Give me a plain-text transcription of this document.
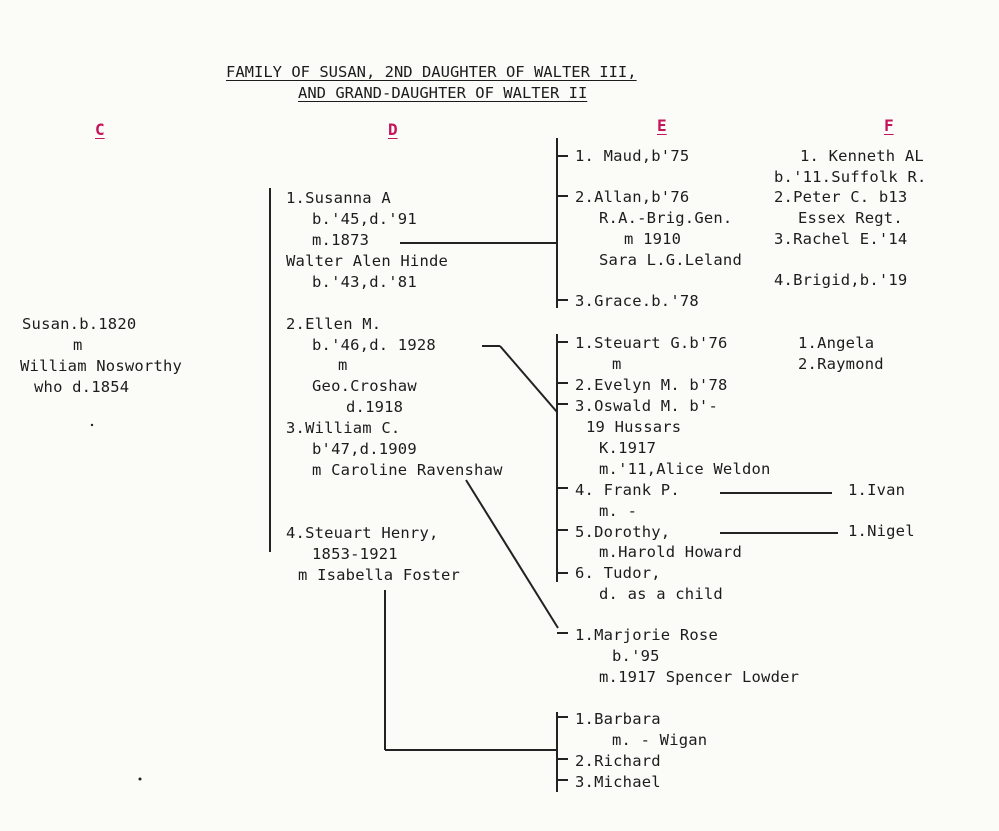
FAMILY OF SUSAN, 2ND DAUGHTER OF WALTER III,
AND GRAND-DAUGHTER OF WALTER II
C	D	E	F
Susan.b.1820
m
William Nosworthy
who d.1854
1.Susanna A
b.'45,d.'91
m.1873
Walter Alen Hinde
b.'43,d.'81
2.Ellen M.
b.'46,d. 1928
m
Geo.Croshaw
d.1918
3.William C.
b'47,d.1909
m Caroline Ravenshaw
4.Steuart Henry,
1853-1921
m Isabella Foster
1. Maud,b'75
2.Allan,b'76
R.A.-Brig.Gen.
m 1910
Sara L.G.Leland
3.Grace.b.'78
1.Steuart G.b'76
m
2.Evelyn M. b'78
3.Oswald M. b'-
19 Hussars
K.1917
m.'11,Alice Weldon
4. Frank P.
m. -
5.Dorothy,
m.Harold Howard
6. Tudor,
d. as a child
1.Marjorie Rose
b.'95
m.1917 Spencer Lowder
1.Barbara
m. - Wigan
2.Richard
3.Michael
1. Kenneth AL
b.'11.Suffolk R.
2.Peter C. b13
Essex Regt.
3.Rachel E.'14
4.Brigid,b.'19
1.Angela
2.Raymond
1.Ivan
1.Nigel
